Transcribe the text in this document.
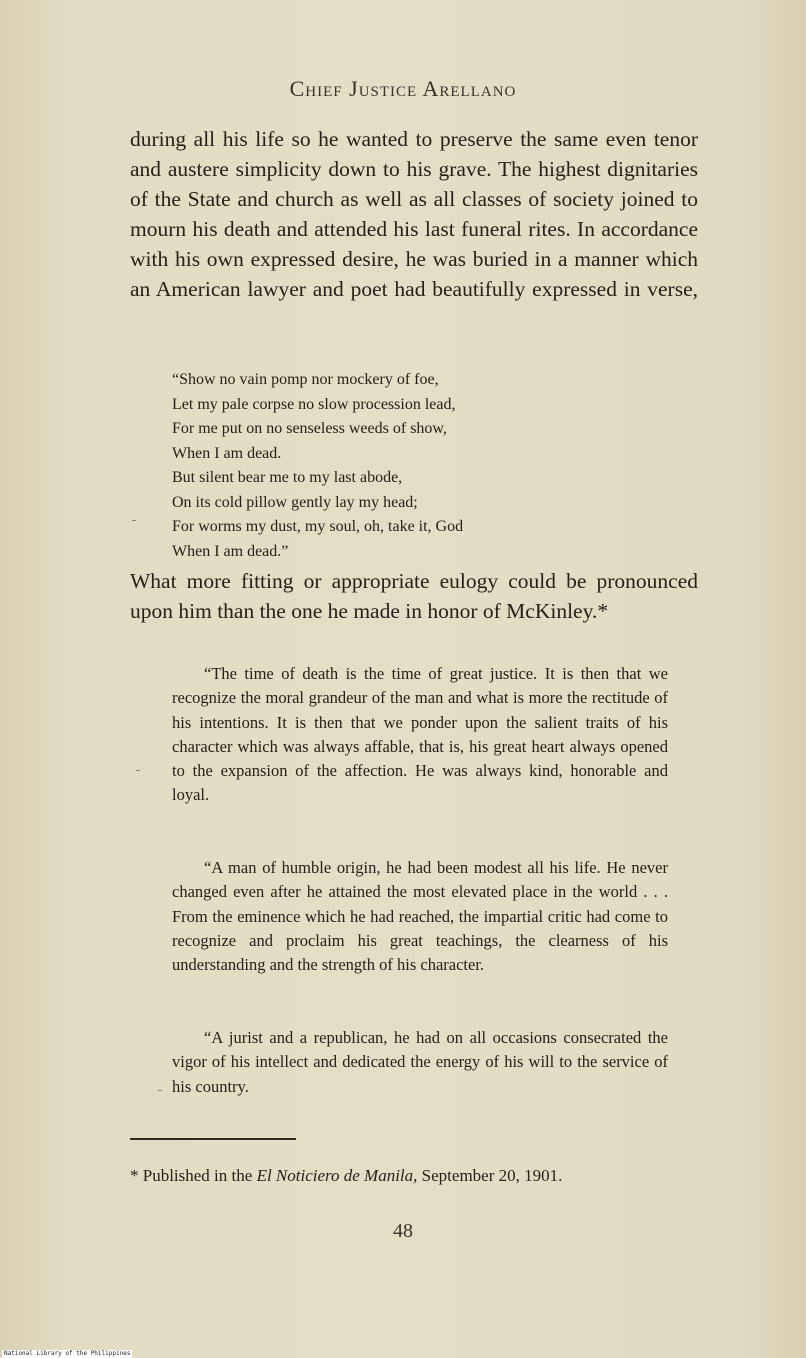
Chief Justice Arellano

during all his life so he wanted to preserve the same even tenor and austere simplicity down to his grave. The highest dignitaries of the State and church as well as all classes of society joined to mourn his death and attended his last funeral rites. In accordance with his own expressed desire, he was buried in a manner which an American lawyer and poet had beautifully expressed in verse,

“Show no vain pomp nor mockery of foe,
Let my pale corpse no slow procession lead,
For me put on no senseless weeds of show,
When I am dead.
But silent bear me to my last abode,
On its cold pillow gently lay my head;
For worms my dust, my soul, oh, take it, God
When I am dead.”

What more fitting or appropriate eulogy could be pronounced upon him than the one he made in honor of McKinley.*

“The time of death is the time of great justice. It is then that we recognize the moral grandeur of the man and what is more the rectitude of his intentions. It is then that we ponder upon the salient traits of his character which was always affable, that is, his great heart always opened to the expansion of the affection. He was always kind, honorable and loyal.

“A man of humble origin, he had been modest all his life. He never changed even after he attained the most elevated place in the world . . . From the eminence which he had reached, the impartial critic had come to recognize and proclaim his great teachings, the clearness of his understanding and the strength of his character.

“A jurist and a republican, he had on all occasions consecrated the vigor of his intellect and dedicated the energy of his will to the service of his country.

* Published in the El Noticiero de Manila, September 20, 1901.

48
National Library of the Philippines
